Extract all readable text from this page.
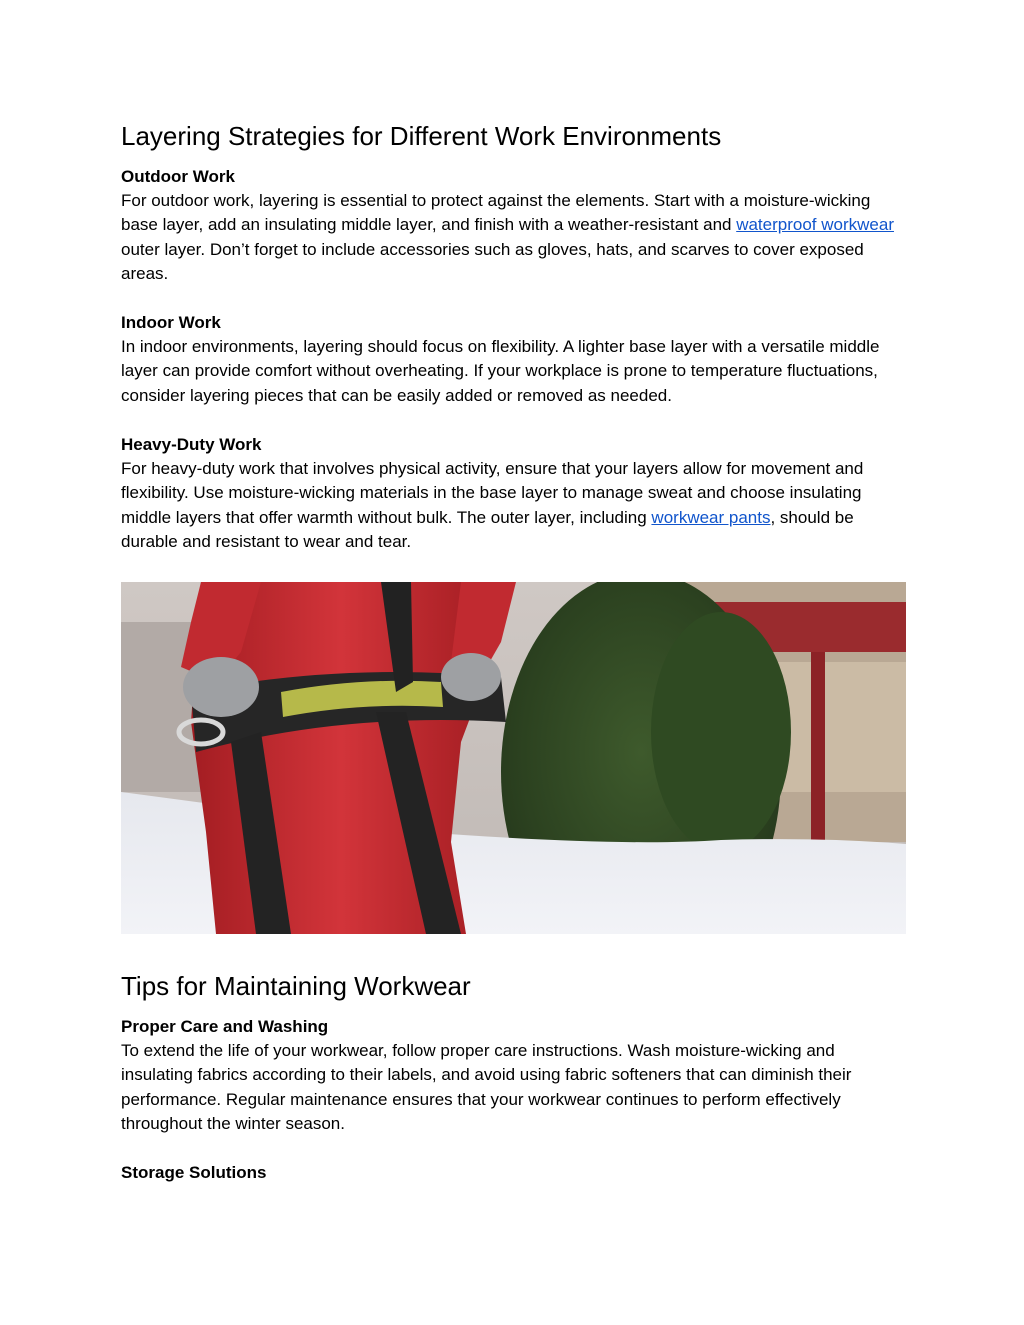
Layering Strategies for Different Work Environments
Outdoor Work

For outdoor work, layering is essential to protect against the elements. Start with a moisture-wicking base layer, add an insulating middle layer, and finish with a weather-resistant and waterproof workwear outer layer. Don’t forget to include accessories such as gloves, hats, and scarves to cover exposed areas.

Indoor Work

In indoor environments, layering should focus on flexibility. A lighter base layer with a versatile middle layer can provide comfort without overheating. If your workplace is prone to temperature fluctuations, consider layering pieces that can be easily added or removed as needed.

Heavy-Duty Work

For heavy-duty work that involves physical activity, ensure that your layers allow for movement and flexibility. Use moisture-wicking materials in the base layer to manage sweat and choose insulating middle layers that offer warmth without bulk. The outer layer, including workwear pants, should be durable and resistant to wear and tear.

Tips for Maintaining Workwear
Proper Care and Washing

To extend the life of your workwear, follow proper care instructions. Wash moisture-wicking and insulating fabrics according to their labels, and avoid using fabric softeners that can diminish their performance. Regular maintenance ensures that your workwear continues to perform effectively throughout the winter season.

Storage Solutions
